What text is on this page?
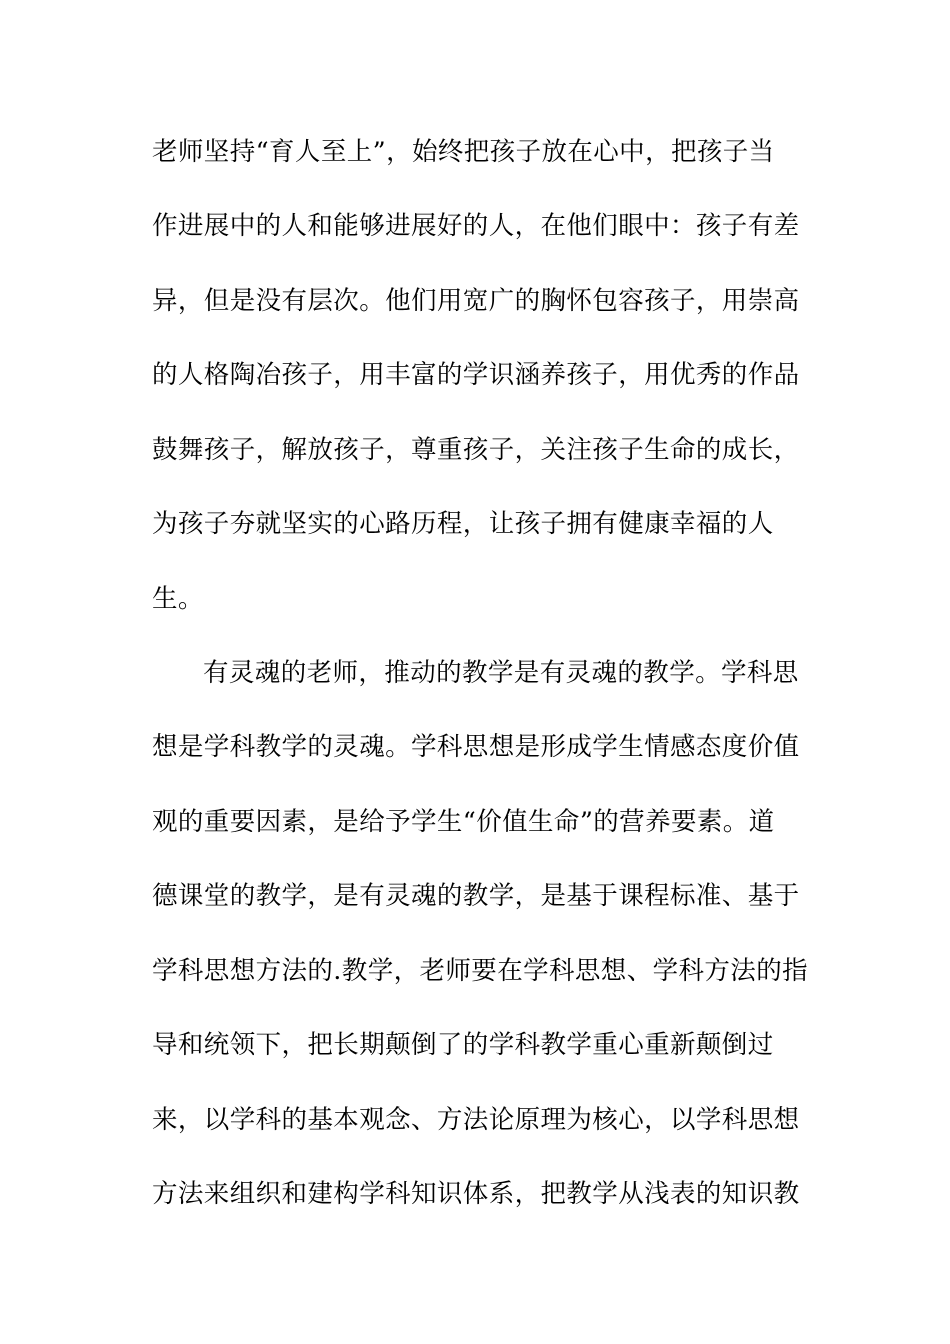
老师坚持“育人至上”，始终把孩子放在心中，把孩子当

作进展中的人和能够进展好的人，在他们眼中：孩子有差

异，但是没有层次。他们用宽广的胸怀包容孩子，用崇高

的人格陶冶孩子，用丰富的学识涵养孩子，用优秀的作品

鼓舞孩子，解放孩子，尊重孩子，关注孩子生命的成长，

为孩子夯就坚实的心路历程，让孩子拥有健康幸福的人

生。

有灵魂的老师，推动的教学是有灵魂的教学。学科思

想是学科教学的灵魂。学科思想是形成学生情感态度价值

观的重要因素，是给予学生“价值生命”的营养要素。道

德课堂的教学，是有灵魂的教学，是基于课程标准、基于

学科思想方法的.教学，老师要在学科思想、学科方法的指

导和统领下，把长期颠倒了的学科教学重心重新颠倒过

来，以学科的基本观念、方法论原理为核心，以学科思想

方法来组织和建构学科知识体系，把教学从浅表的知识教
